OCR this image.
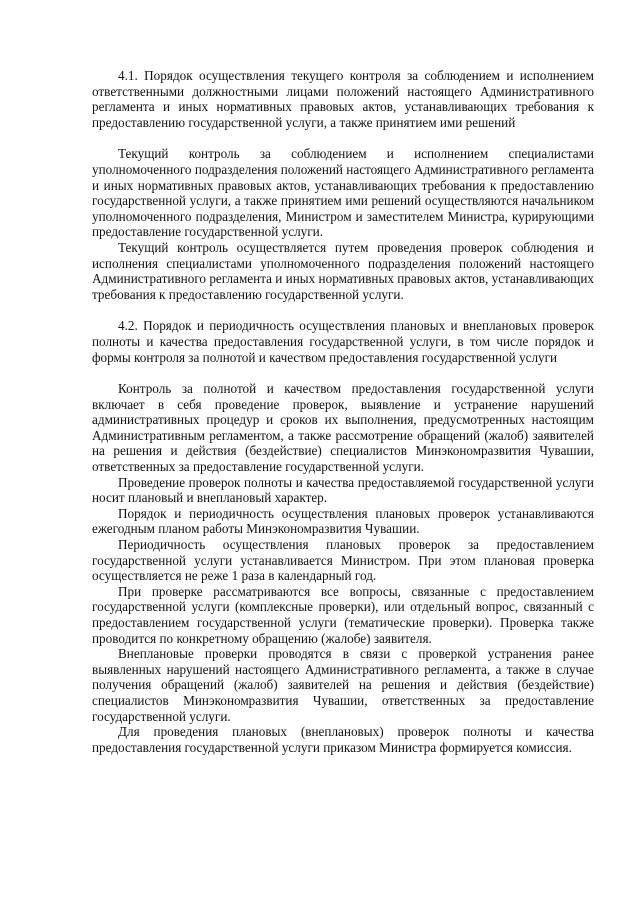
4.1. Порядок осуществления текущего контроля за соблюдением и исполнением ответственными должностными лицами положений настоящего Административного регламента и иных нормативных правовых актов, устанавливающих требования к предоставлению государственной услуги, а также принятием ими решений

Текущий контроль за соблюдением и исполнением специалистами уполномоченного подразделения положений настоящего Административного регламента и иных нормативных правовых актов, устанавливающих требования к предоставлению государственной услуги, а также принятием ими решений осуществляются начальником уполномоченного подразделения, Министром и заместителем Министра, курирующими предоставление государственной услуги.

Текущий контроль осуществляется путем проведения проверок соблюдения и исполнения специалистами уполномоченного подразделения положений настоящего Административного регламента и иных нормативных правовых актов, устанавливающих требования к предоставлению государственной услуги.

4.2. Порядок и периодичность осуществления плановых и внеплановых проверок полноты и качества предоставления государственной услуги, в том числе порядок и формы контроля за полнотой и качеством предоставления государственной услуги

Контроль за полнотой и качеством предоставления государственной услуги включает в себя проведение проверок, выявление и устранение нарушений административных процедур и сроков их выполнения, предусмотренных настоящим Административным регламентом, а также рассмотрение обращений (жалоб) заявителей на решения и действия (бездействие) специалистов Минэкономразвития Чувашии, ответственных за предоставление государственной услуги.

Проведение проверок полноты и качества предоставляемой государственной услуги носит плановый и внеплановый характер.

Порядок и периодичность осуществления плановых проверок устанавливаются ежегодным планом работы Минэкономразвития Чувашии.

Периодичность осуществления плановых проверок за предоставлением государственной услуги устанавливается Министром. При этом плановая проверка осуществляется не реже 1 раза в календарный год.

При проверке рассматриваются все вопросы, связанные с предоставлением государственной услуги (комплексные проверки), или отдельный вопрос, связанный с предоставлением государственной услуги (тематические проверки). Проверка также проводится по конкретному обращению (жалобе) заявителя.

Внеплановые проверки проводятся в связи с проверкой устранения ранее выявленных нарушений настоящего Административного регламента, а также в случае получения обращений (жалоб) заявителей на решения и действия (бездействие) специалистов Минэкономразвития Чувашии, ответственных за предоставление государственной услуги.

Для проведения плановых (внеплановых) проверок полноты и качества предоставления государственной услуги приказом Министра формируется комиссия.
